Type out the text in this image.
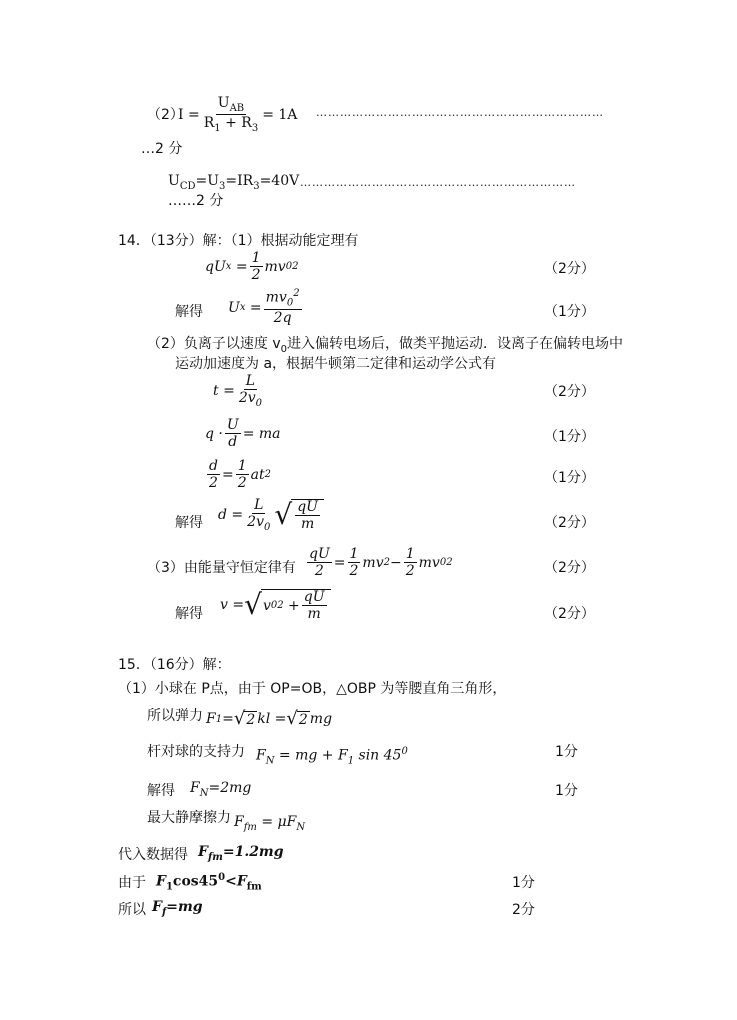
（2）
$I = \frac{U_{AB}}{R_1 + R_3} = 1A$ ………………………………………………………………
…2 分
$U_{CD}=U_3=IR_3=40V$ ……………………………………………………………
……2 分
14．（13分）解：（1）根据动能定理有
qU $x = \frac{1}{2}$ mv 0 2	（2分）
解得 U $x = \frac{mv_0^2}{2q}$	（1分）
（2）负离子以速度 $v_0$进入偏转电场后，做类平抛运动．设离子在偏转电场中
运动加速度为 a，根据牛顿第二定律和运动学公式有
$t = \frac{L}{2v_0}$	（2分）
$q \cdot \frac{U}{d}$ = ma	（1分）
$\frac{d}{2} = \frac{1}{2}$ at 2	（1分）
解得 $d = \frac{L}{2v_0}$ √ $\frac{qU}{m}$	（2分）
（3）由能量守恒定律有 $\frac{qU}{2} = \frac{1}{2}$ mv $2 - \frac{1}{2}$ mv 0 2	（2分）
解得
v = √ v 0 $2 + \frac{qU}{m}$	（2分）
15．（16分）解：
（1）小球在 P点，由于 OP=OB，△OBP 为等腰直角三角形，
所以弹力 F 1 = √ 2 kl = √ 2 mg
杆对球的支持力 $F_N$ = mg + $F_1$ $\sin 45^0$	1分
解得 $F_N=2mg$	1分
最大静摩擦力 $F_{fm} = \mu F_N$
代入数据得 $F_{fm}=1.2mg$
由于 $F_1\cos 45^0<F_{fm}$	1分
所以 $F_f=mg$	2分
